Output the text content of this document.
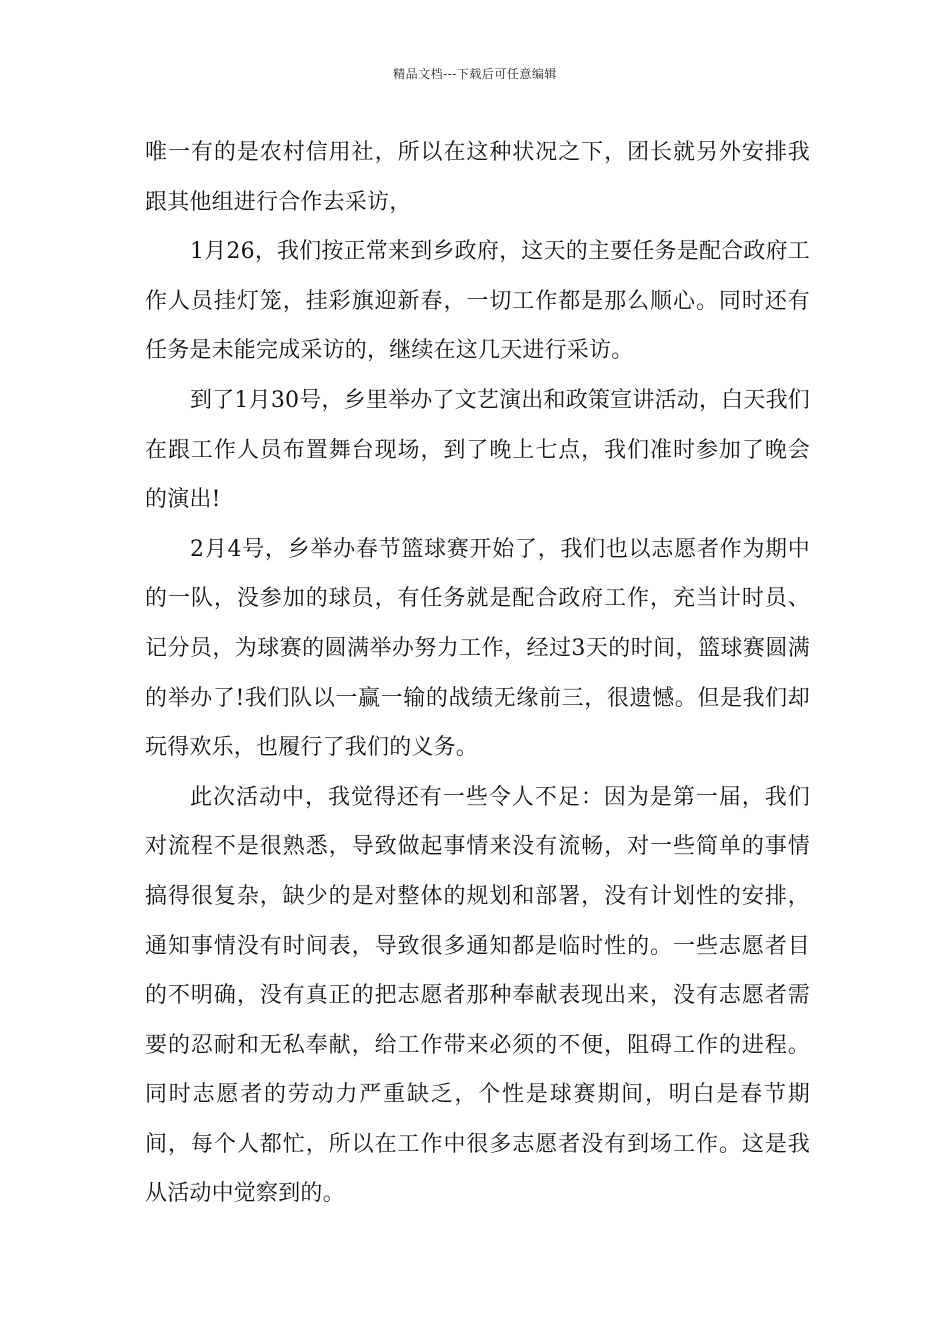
精品文档---下载后可任意编辑

唯一有的是农村信用社，所以在这种状况之下，团长就另外安排我跟其他组进行合作去采访，

1月26，我们按正常来到乡政府，这天的主要任务是配合政府工作人员挂灯笼，挂彩旗迎新春，一切工作都是那么顺心。同时还有任务是未能完成采访的，继续在这几天进行采访。

到了1月30号，乡里举办了文艺演出和政策宣讲活动，白天我们在跟工作人员布置舞台现场，到了晚上七点，我们准时参加了晚会的演出!

2月4号，乡举办春节篮球赛开始了，我们也以志愿者作为期中的一队，没参加的球员，有任务就是配合政府工作，充当计时员、记分员，为球赛的圆满举办努力工作，经过3天的时间，篮球赛圆满的举办了!我们队以一赢一输的战绩无缘前三，很遗憾。但是我们却玩得欢乐，也履行了我们的义务。

此次活动中，我觉得还有一些令人不足：因为是第一届，我们对流程不是很熟悉，导致做起事情来没有流畅，对一些简单的事情搞得很复杂，缺少的是对整体的规划和部署，没有计划性的安排，通知事情没有时间表，导致很多通知都是临时性的。一些志愿者目的不明确，没有真正的把志愿者那种奉献表现出来，没有志愿者需要的忍耐和无私奉献，给工作带来必须的不便，阻碍工作的进程。同时志愿者的劳动力严重缺乏，个性是球赛期间，明白是春节期间，每个人都忙，所以在工作中很多志愿者没有到场工作。这是我从活动中觉察到的。
